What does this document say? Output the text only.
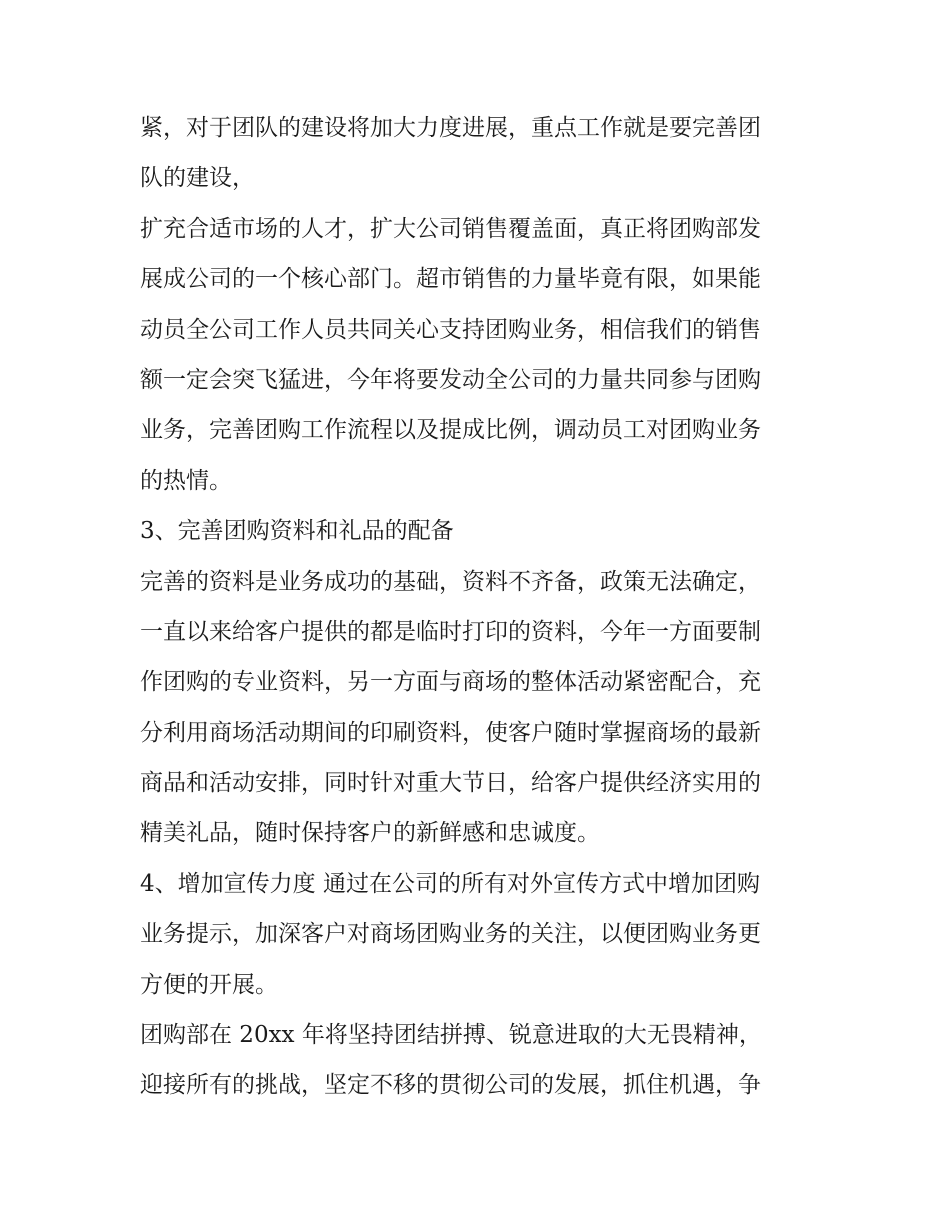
紧，对于团队的建设将加大力度进展，重点工作就是要完善团
队的建设，
扩充合适市场的人才，扩大公司销售覆盖面，真正将团购部发
展成公司的一个核心部门。超市销售的力量毕竟有限，如果能
动员全公司工作人员共同关心支持团购业务，相信我们的销售
额一定会突飞猛进，今年将要发动全公司的力量共同参与团购
业务，完善团购工作流程以及提成比例，调动员工对团购业务
的热情。
3、完善团购资料和礼品的配备
完善的资料是业务成功的基础，资料不齐备，政策无法确定，
一直以来给客户提供的都是临时打印的资料，今年一方面要制
作团购的专业资料，另一方面与商场的整体活动紧密配合，充
分利用商场活动期间的印刷资料，使客户随时掌握商场的最新
商品和活动安排，同时针对重大节日，给客户提供经济实用的
精美礼品，随时保持客户的新鲜感和忠诚度。
4、增加宣传力度 通过在公司的所有对外宣传方式中增加团购
业务提示，加深客户对商场团购业务的关注，以便团购业务更
方便的开展。
团购部在 20xx 年将坚持团结拼搏、锐意进取的大无畏精神，
迎接所有的挑战，坚定不移的贯彻公司的发展，抓住机遇，争
